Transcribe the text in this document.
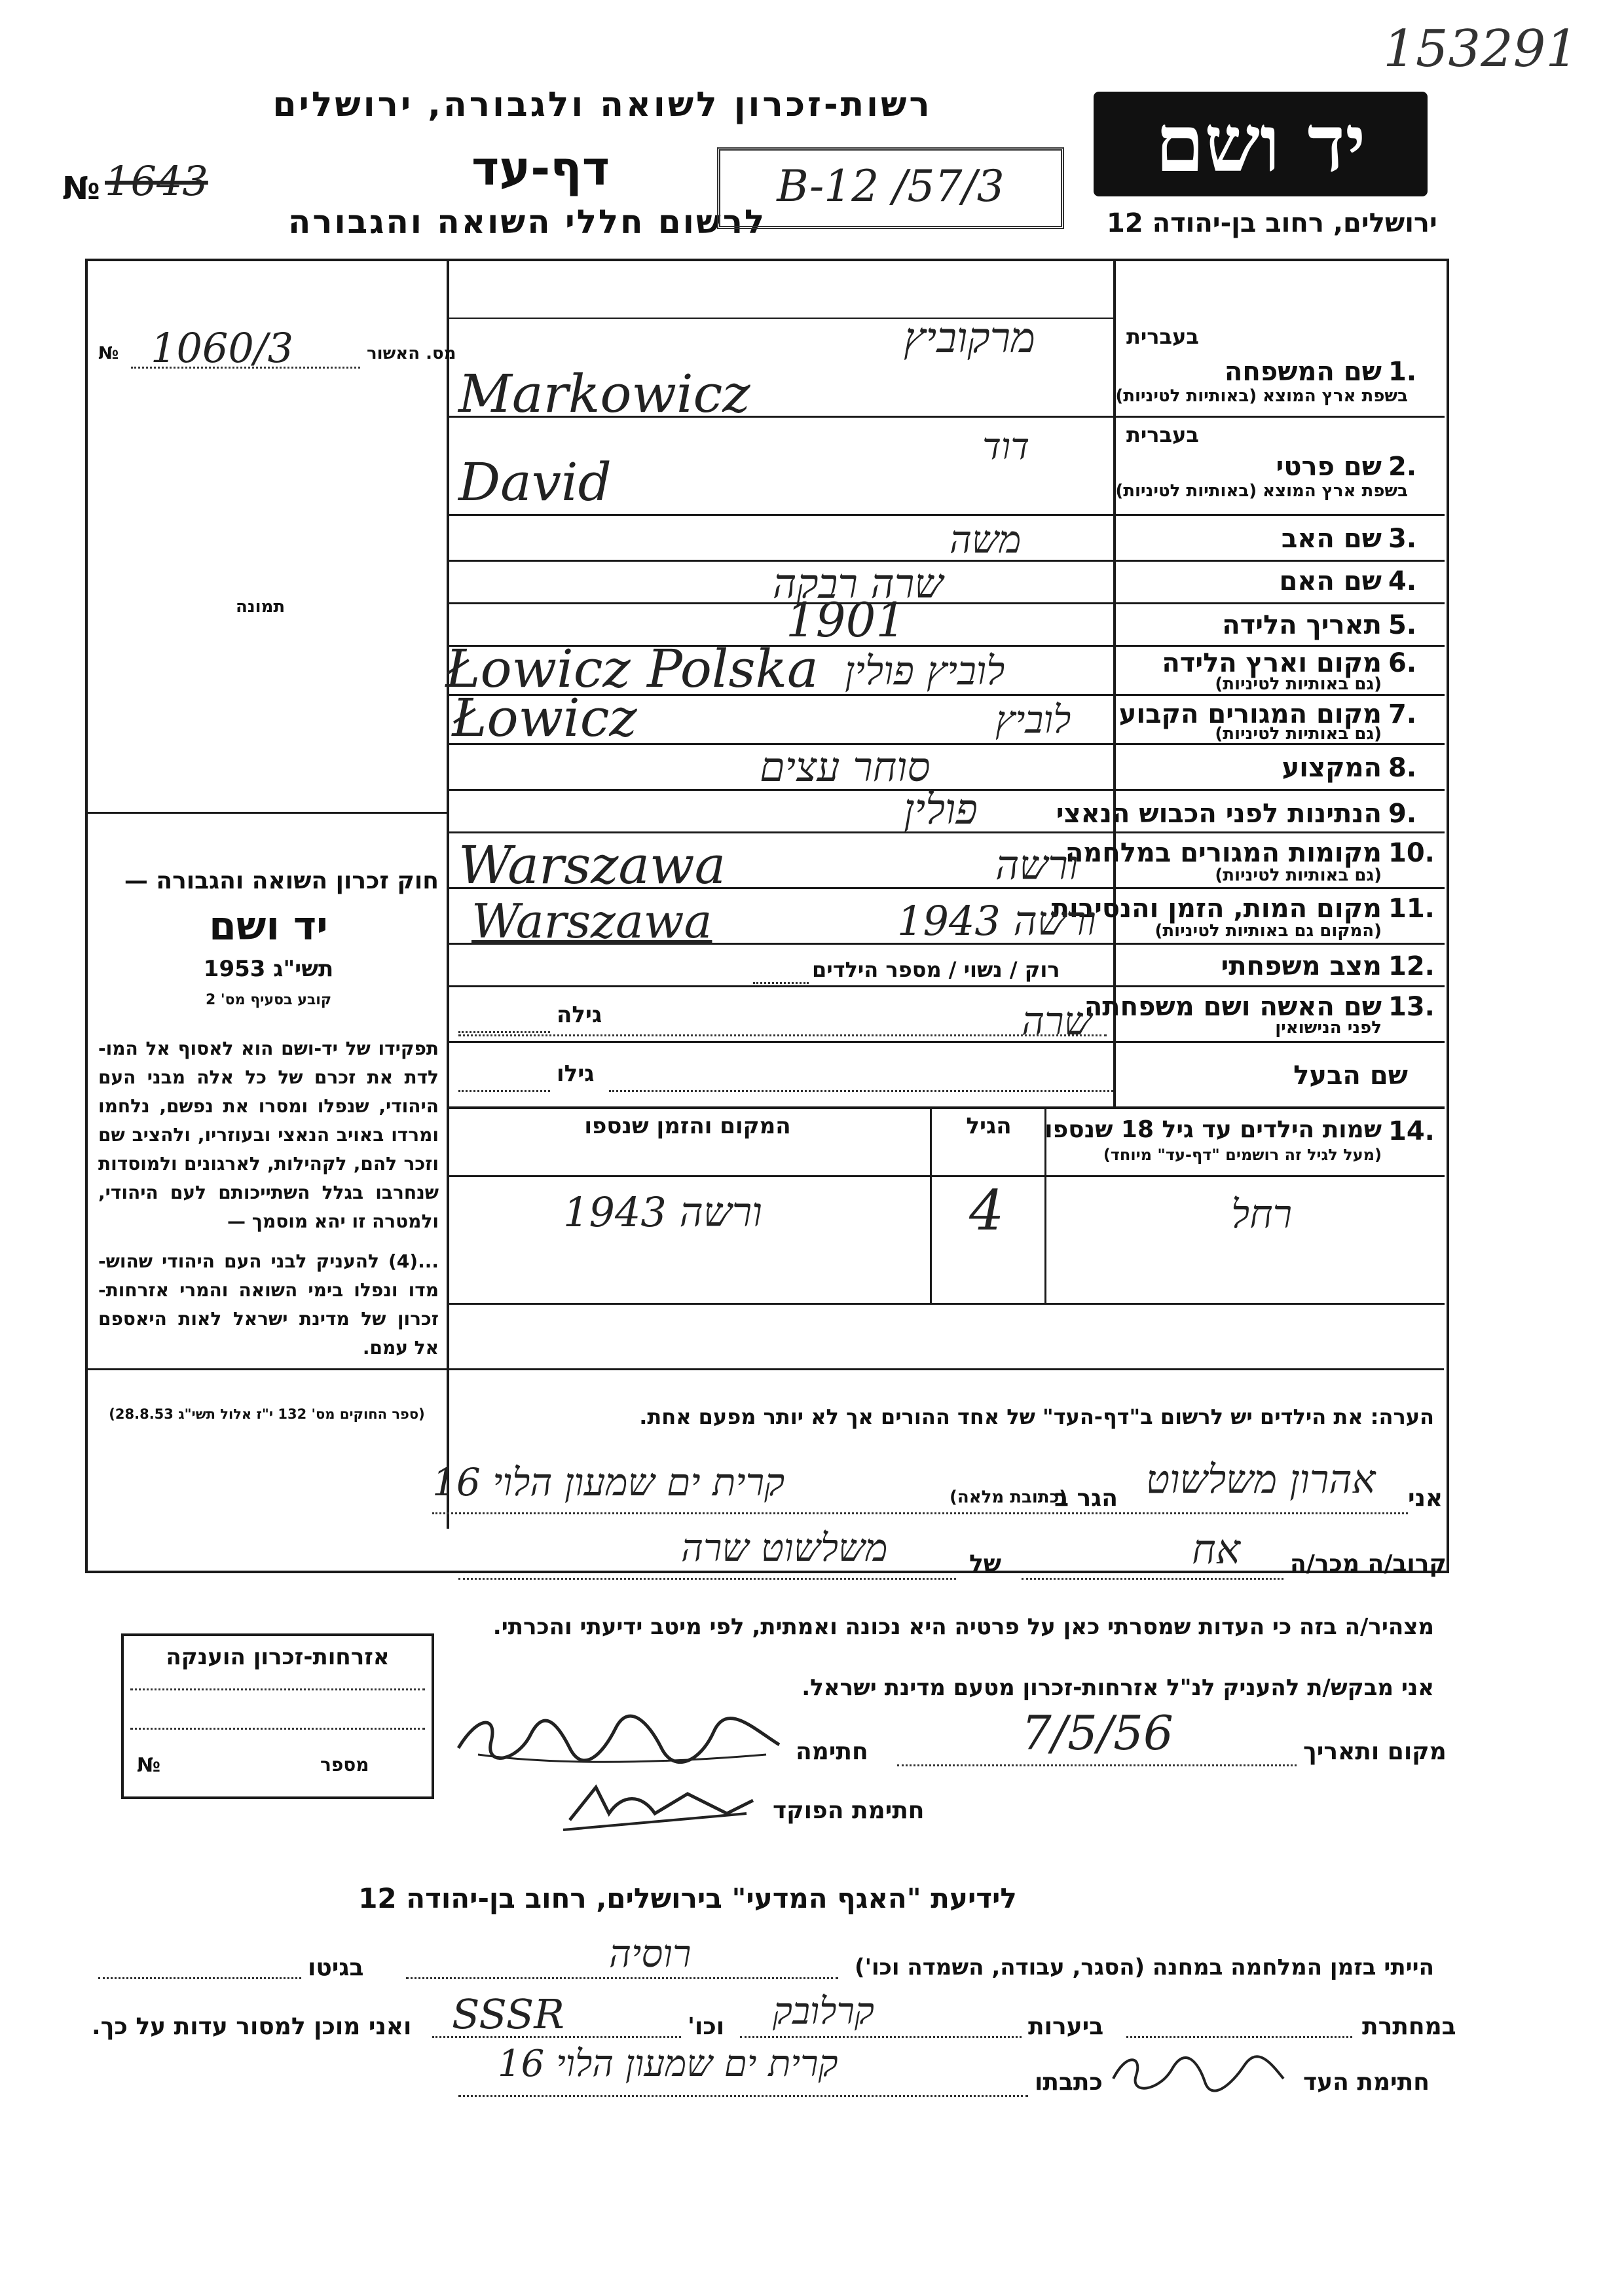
153291
יד ושם
ירושלים, רחוב בן-יהודה 12
רשות-זכרון לשואה ולגבורה, ירושלים
דף-עד
לרשום חללי השואה והגבורה
№ 1643	B-12 /57/3
מס. האשור
№ 1060/3
תמונה
חוק זכרון השואה והגבורה —
יד ושם
תשי"ג 1953
קובע בסעיף מס' 2
תפקידו של יד-ושם הוא לאסוף אל המו- לדת את זכרם של כל אלה מבני העם היהודי, שנפלו ומסרו את נפשם, נלחמו ומרדו באויב הנאצי ובעוזריו, ולהציב שם וזכר להם, לקהילות, לארגונים ולמוסדות שנחרבו בגלל השתייכותם לעם היהודי, ולמטרה זו יהא מוסמך —
...(4) להעניק לבני העם היהודי שהוש- מדו ונפלו בימי השואה והמרי אזרחות- זכרון של מדינת ישראל לאות היאספם אל עמם.
(ספר החוקים מס' 132 י"ז אלול תשי"ג 28.8.53)
בעברית
שם המשפחה 1.
בשפת ארץ המוצא (באותיות לטיניות)
בעברית
שם פרטי 2.
בשפת ארץ המוצא (באותיות לטיניות)
שם האב 3.
שם האם 4.
תאריך הלידה 5.
מקום וארץ הלידה 6.
(גם באותיות לטיניות)
מקום המגורים הקבוע 7.
(גם באותיות לטיניות)
המקצוע 8.
הנתינות לפני הכבוש הנאצי 9.
מקומות המגורים במלחמה 10.
(גם באותיות לטיניות)
מקום המות, הזמן והנסיבות 11.
(המקום גם באותיות לטיניות)
מצב משפחתי 12.
שם האשה ושם משפחתה 13.
לפני הנישואין
שם הבעל
מרקוביץ
Markowicz
דוד
David
משה
שרה רבקה
1901
לוביץ פולין
Łowicz Polska
לוביץ
Łowicz
סוחר עצים
פולין
ורשה
Warszawa
ורשה 1943
Warszawa
רוק / נשוי / מספר הילדים
שרה
גילה
גילו
שמות הילדים עד גיל 18 שנספו 14.
(מעל לגיל זה רושמים "דף-עד" מיוחד)
הגיל
המקום והזמן שנספו
רחל
4
ורשה 1943
הערה: את הילדים יש לרשום ב"דף-העד" של אחד ההורים אך לא יותר מפעם אחת.
אני
אהרון משלשוט
הגר ב
(כתובת מלאה)
קרית ים שמעון הלוי 16
קרוב/ה מכר/ה
אח
של
משלשוט שרה
מצהיר/ה בזה כי העדות שמסרתי כאן על פרטיה היא נכונה ואמתית, לפי מיטב ידיעתי והכרתי.
אני מבקש/ת להעניק לנ"ל אזרחות-זכרון מטעם מדינת ישראל.
מקום ותאריך
7/5/56
חתימה
חתימת הפוקד
אזרחות-זכרון הוענקה
מספר
№
לידיעת "האגף המדעי" בירושלים, רחוב בן-יהודה 12
הייתי בזמן המלחמה במחנה (הסגר, עבודה, השמדה וכו')
רוסיה
בגיטו
במחתרת
ביערות
קרלובק
וכו'
SSSR
ואני מוכן למסור עדות על כך.
חתימת העד
כתבתו
קרית ים שמעון הלוי 16
